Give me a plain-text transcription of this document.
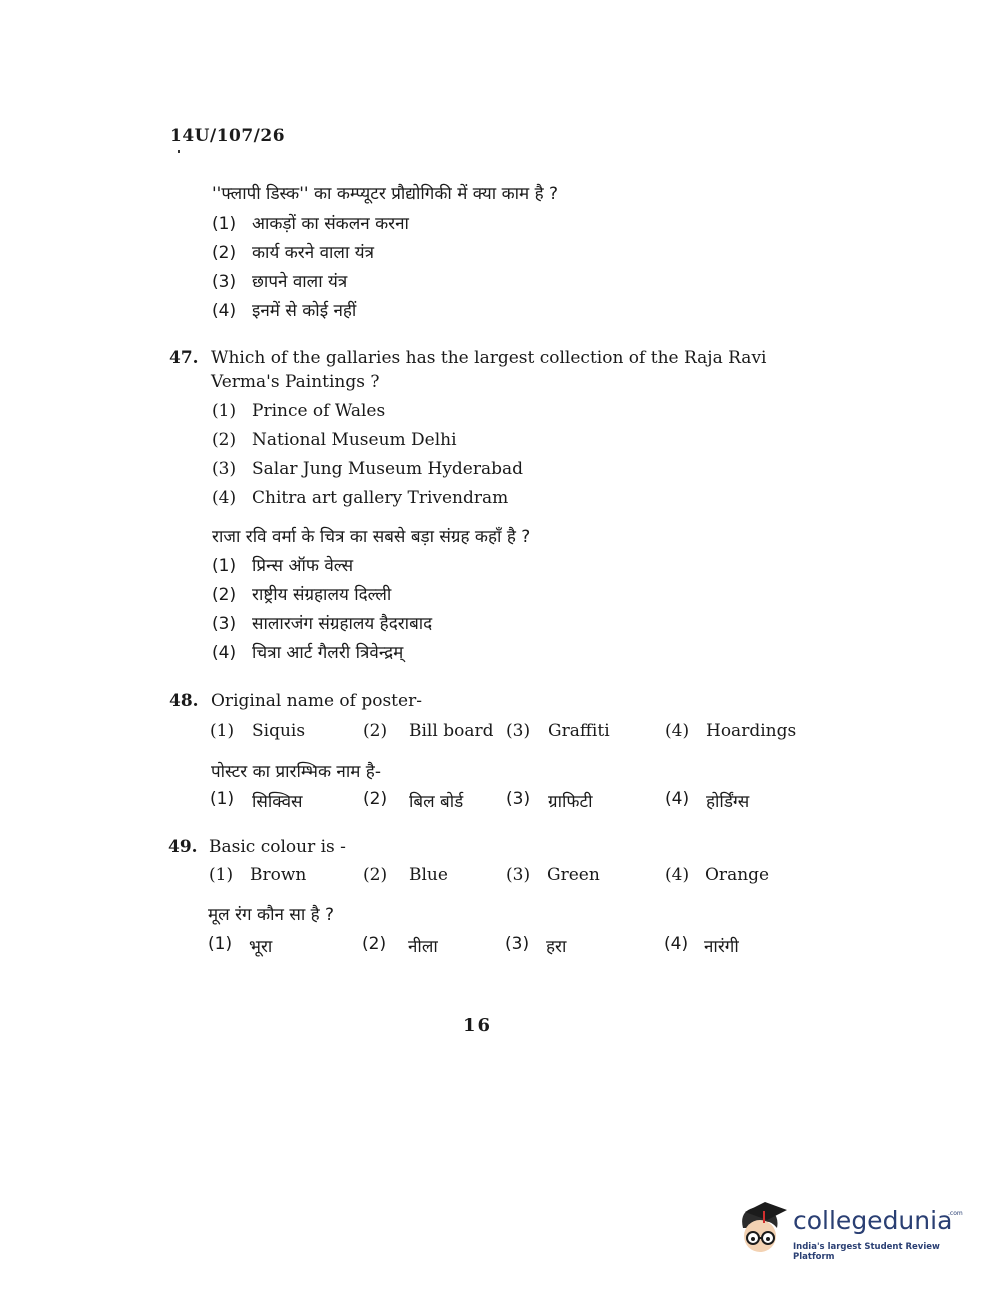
14U/107/26
''फ्लापी डिस्क'' का कम्प्यूटर प्रौद्योगिकी में क्या काम है ?
(1) आकड़ों का संकलन करना
(2) कार्य करने वाला यंत्र
(3) छापने वाला यंत्र
(4) इनमें से कोई नहीं
47. Which of the gallaries has the largest collection of the Raja Ravi
Verma's Paintings ?
(1) Prince of Wales
(2) National Museum Delhi
(3) Salar Jung Museum Hyderabad
(4) Chitra art gallery Trivendram
राजा रवि वर्मा के चित्र का सबसे बड़ा संग्रह कहाँ है ?
(1) प्रिन्स ऑफ वेल्स
(2) राष्ट्रीय संग्रहालय दिल्ली
(3) सालारजंग संग्रहालय हैदराबाद
(4) चित्रा आर्ट गैलरी त्रिवेन्द्रम्
48. Original name of poster-
(1) Siquis	(2) Bill board (3) Graffiti	(4) Hoardings
पोस्टर का प्रारम्भिक नाम है-
(1) सिक्विस	(2) बिल बोर्ड	(3) ग्राफिटी	(4) होर्डिंग्स
49. Basic colour is -
(1) Brown	(2) Blue	(3) Green	(4) Orange
मूल रंग कौन सा है ?
(1) भूरा	(2) नीला	(3) हरा	(4) नारंगी
16
collegedunia
.com
India's largest Student Review Platform
